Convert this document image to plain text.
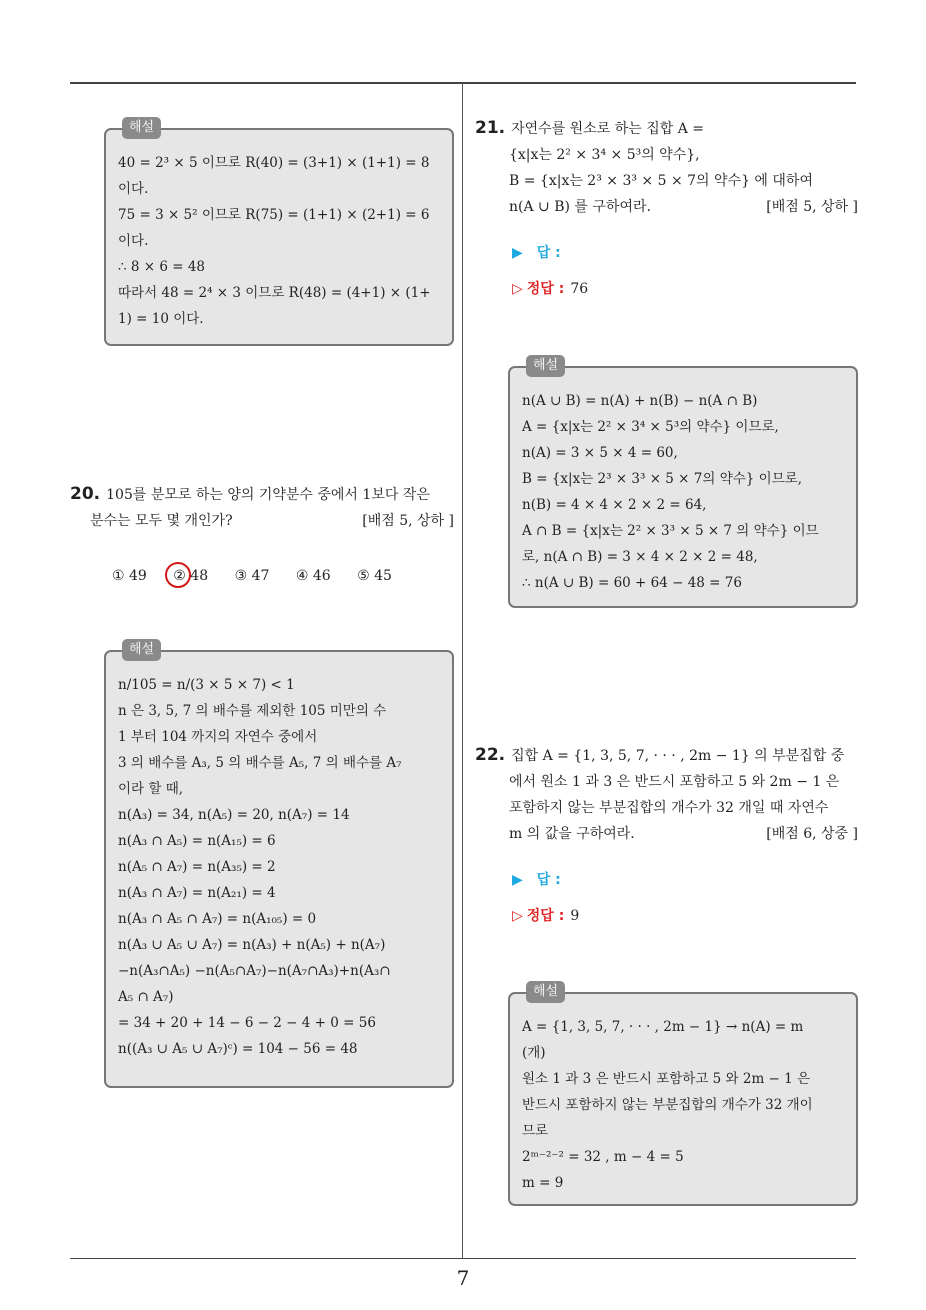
해설
40 = 2³ × 5 이므로 R(40) = (3+1) × (1+1) = 8
이다.
75 = 3 × 5² 이므로 R(75) = (1+1) × (2+1) = 6
이다.
∴ 8 × 6 = 48
따라서 48 = 2⁴ × 3 이므로 R(48) = (4+1) × (1+
1) = 10 이다.
20. 105를 분모로 하는 양의 기약분수 중에서 1보다 작은
분수는 모두 몇 개인가?	[배점 5, 상하 ]
① 49 ② 48 ③ 47 ④ 46 ⑤ 45
해설
n/105 = n/(3 × 5 × 7) < 1
n 은 3, 5, 7 의 배수를 제외한 105 미만의 수
1 부터 104 까지의 자연수 중에서
3 의 배수를 A₃, 5 의 배수를 A₅, 7 의 배수를 A₇
이라 할 때,
n(A₃) = 34, n(A₅) = 20, n(A₇) = 14
n(A₃ ∩ A₅) = n(A₁₅) = 6
n(A₅ ∩ A₇) = n(A₃₅) = 2
n(A₃ ∩ A₇) = n(A₂₁) = 4
n(A₃ ∩ A₅ ∩ A₇) = n(A₁₀₅) = 0
n(A₃ ∪ A₅ ∪ A₇) = n(A₃) + n(A₅) + n(A₇)
−n(A₃∩A₅) −n(A₅∩A₇)−n(A₇∩A₃)+n(A₃∩
A₅ ∩ A₇)
= 34 + 20 + 14 − 6 − 2 − 4 + 0 = 56
n((A₃ ∪ A₅ ∪ A₇)ᶜ) = 104 − 56 = 48
21. 자연수를 원소로 하는 집합 A =
{x|x는 2² × 3⁴ × 5³의 약수},
B = {x|x는 2³ × 3³ × 5 × 7의 약수} 에 대하여
n(A ∪ B) 를 구하여라.	[배점 5, 상하 ]
▶ 답 :
▷ 정답 : 76
해설
n(A ∪ B) = n(A) + n(B) − n(A ∩ B)
A = {x|x는 2² × 3⁴ × 5³의 약수} 이므로,
n(A) = 3 × 5 × 4 = 60,
B = {x|x는 2³ × 3³ × 5 × 7의 약수} 이므로,
n(B) = 4 × 4 × 2 × 2 = 64,
A ∩ B = {x|x는 2² × 3³ × 5 × 7 의 약수} 이므
로, n(A ∩ B) = 3 × 4 × 2 × 2 = 48,
∴ n(A ∪ B) = 60 + 64 − 48 = 76
22. 집합 A = {1, 3, 5, 7, · · · , 2m − 1} 의 부분집합 중
에서 원소 1 과 3 은 반드시 포함하고 5 와 2m − 1 은
포함하지 않는 부분집합의 개수가 32 개일 때 자연수
m 의 값을 구하여라.	[배점 6, 상중 ]
▶ 답 :
▷ 정답 : 9
해설
A = {1, 3, 5, 7, · · · , 2m − 1} → n(A) = m
(개)
원소 1 과 3 은 반드시 포함하고 5 와 2m − 1 은
반드시 포함하지 않는 부분집합의 개수가 32 개이
므로
2ᵐ⁻²⁻² = 32 , m − 4 = 5
m = 9
7
